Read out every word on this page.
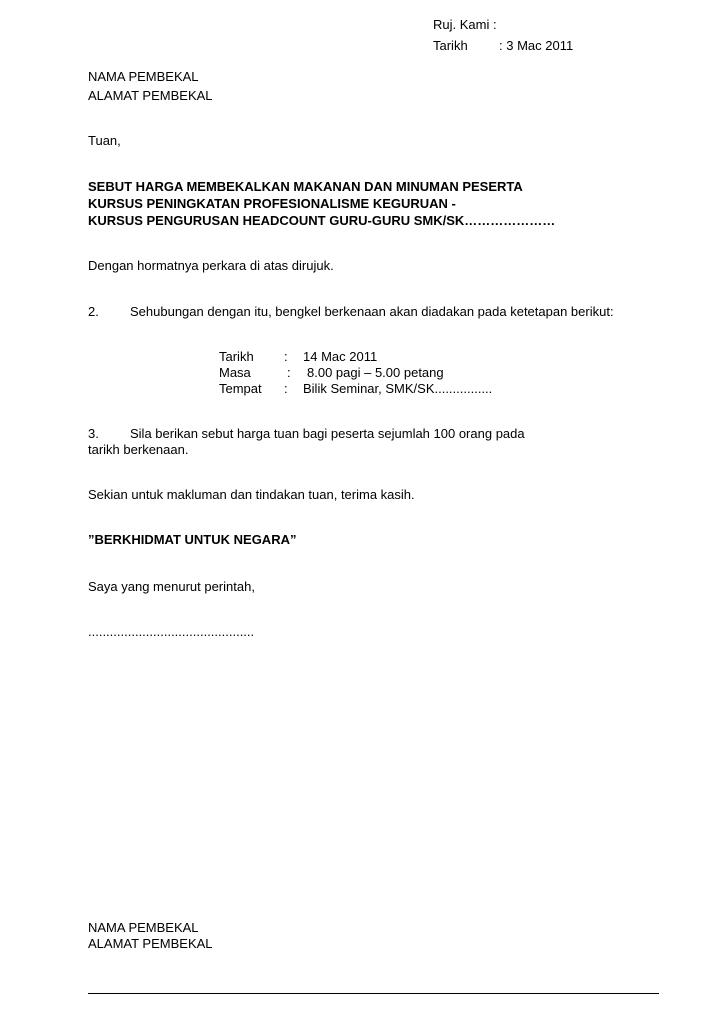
Ruj. Kami :
Tarikh : 3 Mac 2011
NAMA PEMBEKAL
ALAMAT PEMBEKAL
Tuan,
SEBUT HARGA MEMBEKALKAN MAKANAN DAN MINUMAN PESERTA
KURSUS PENINGKATAN PROFESIONALISME KEGURUAN -
KURSUS PENGURUSAN HEADCOUNT GURU-GURU SMK/SK…………………
Dengan hormatnya perkara di atas dirujuk.
2. Sehubungan dengan itu, bengkel berkenaan akan diadakan pada ketetapan berikut:
Tarikh : 14 Mac 2011
Masa	: 8.00 pagi – 5.00 petang
Tempat : Bilik Seminar, SMK/SK................
3. Sila berikan sebut harga tuan bagi peserta sejumlah 100 orang pada
tarikh berkenaan.
Sekian untuk makluman dan tindakan tuan, terima kasih.
”BERKHIDMAT UNTUK NEGARA”
Saya yang menurut perintah,
..............................................
NAMA PEMBEKAL
ALAMAT PEMBEKAL
